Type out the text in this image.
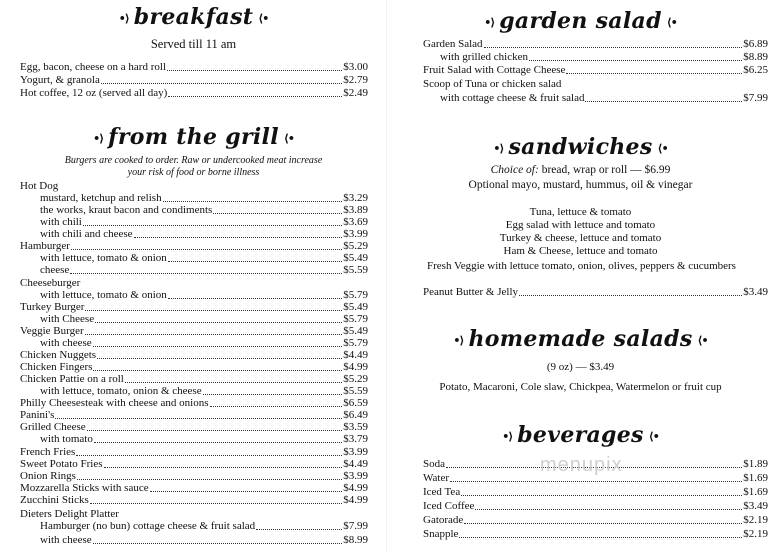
•⟩ breakfast ⟨•
Served till 11 am
Egg, bacon, cheese on a hard roll	$3.00
Yogurt, & granola	$2.79
Hot coffee, 12 oz (served all day)	$2.49
•⟩ from the grill ⟨•
Burgers are cooked to order. Raw or undercooked meat increase
your risk of food or borne illness
Hot Dog
mustard, ketchup and relish	$3.29
the works, kraut bacon and condiments	$3.89
with chili	$3.69
with chili and cheese	$3.99
Hamburger	$5.29
with lettuce, tomato & onion	$5.49
cheese	$5.59
Cheeseburger
with lettuce, tomato & onion	$5.79
Turkey Burger	$5.49
with Cheese	$5.79
Veggie Burger	$5.49
with cheese	$5.79
Chicken Nuggets	$4.49
Chicken Fingers	$4.99
Chicken Pattie on a roll	$5.29
with lettuce, tomato, onion & cheese	$5.59
Philly Cheesesteak with cheese and onions	$6.59
Panini's	$6.49
Grilled Cheese	$3.59
with tomato	$3.79
French Fries	$3.99
Sweet Potato Fries	$4.49
Onion Rings	$3.99
Mozzarella Sticks with sauce	$4.99
Zucchini Sticks	$4.99
Dieters Delight Platter
Hamburger (no bun) cottage cheese & fruit salad	$7.99
with cheese	$8.99
•⟩ garden salad ⟨•
Garden Salad	$6.89
with grilled chicken	$8.89
Fruit Salad with Cottage Cheese	$6.25
Scoop of Tuna or chicken salad
with cottage cheese & fruit salad	$7.99
•⟩ sandwiches ⟨•
Choice of: bread, wrap or roll — $6.99
Optional mayo, mustard, hummus, oil & vinegar
Tuna, lettuce & tomato
Egg salad with lettuce and tomato
Turkey & cheese, lettuce and tomato
Ham & Cheese, lettuce and tomato
Fresh Veggie with lettuce tomato, onion, olives, peppers & cucumbers
Peanut Butter & Jelly	$3.49
•⟩ homemade salads ⟨•
(9 oz) — $3.49
Potato, Macaroni, Cole slaw, Chickpea, Watermelon or fruit cup
•⟩ beverages ⟨•
Soda	$1.89
Water	$1.69
Iced Tea	$1.69
Iced Coffee	$3.49
Gatorade	$2.19
Snapple	$2.19
menupix
